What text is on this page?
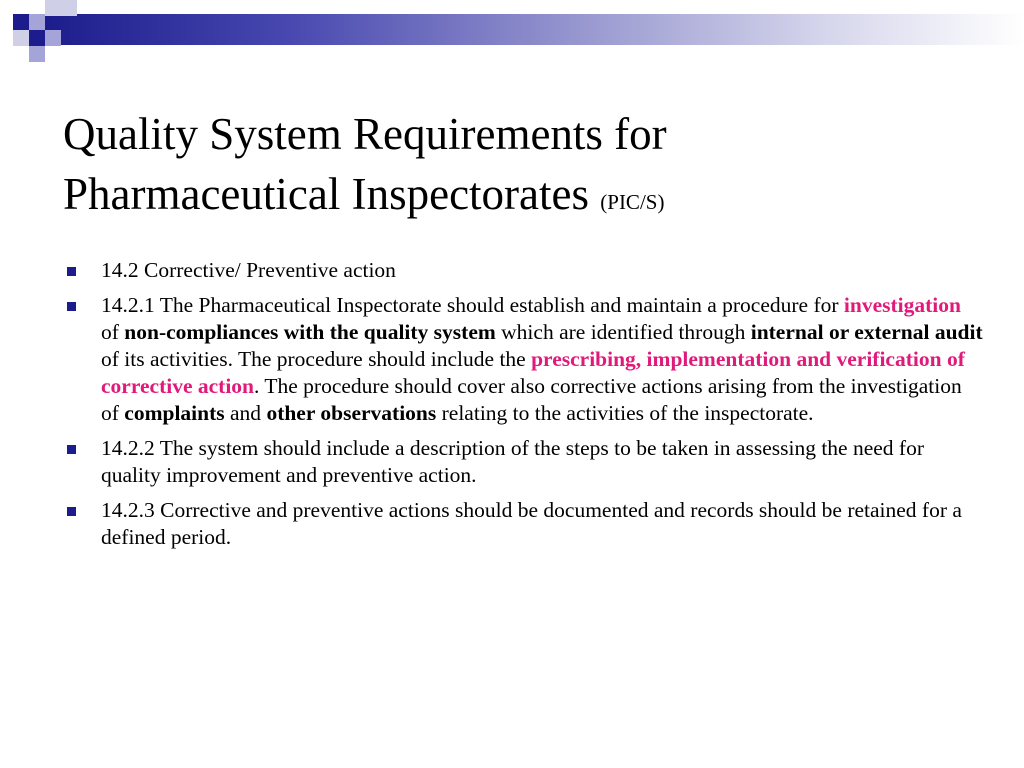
Quality System Requirements for
Pharmaceutical Inspectorates (PIC/S)
14.2 Corrective/ Preventive action
14.2.1 The Pharmaceutical Inspectorate should establish and maintain a procedure for investigation of non-compliances with the quality system which are identified through internal or external audit of its activities. The procedure should include the prescribing, implementation and verification of corrective action. The procedure should cover also corrective actions arising from the investigation of complaints and other observations relating to the activities of the inspectorate.
14.2.2 The system should include a description of the steps to be taken in assessing the need for quality improvement and preventive action.
14.2.3 Corrective and preventive actions should be documented and records should be retained for a defined period.
